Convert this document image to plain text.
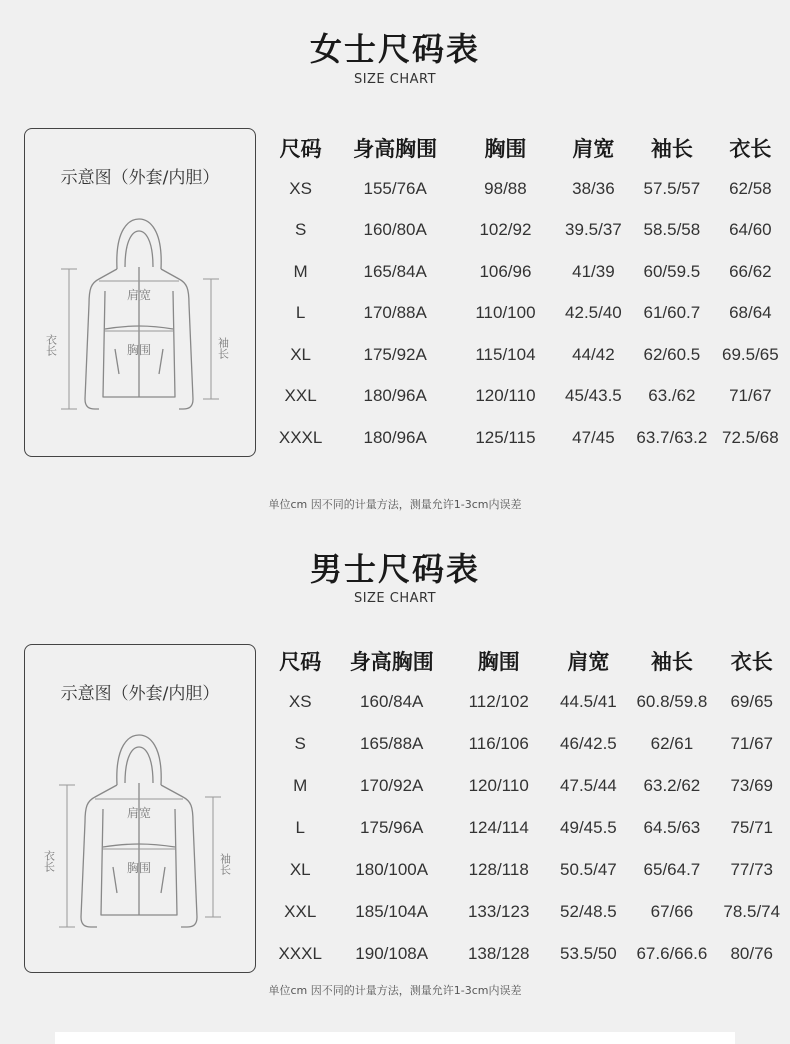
女士尺码表
SIZE CHART
示意图（外套/内胆）
肩宽
胸围
衣长	袖长
尺码	身高胸围	胸围	肩宽	袖长	衣长
XS	155/76A	98/88	38/36	57.5/57	62/58
S	160/80A	102/92	39.5/37	58.5/58	64/60
M	165/84A	106/96	41/39	60/59.5	66/62
L	170/88A	110/100	42.5/40	61/60.7	68/64
XL	175/92A	115/104	44/42	62/60.5	69.5/65
XXL	180/96A	120/110	45/43.5	63./62	71/67
XXXL	180/96A	125/115	47/45	63.7/63.2	72.5/68
单位cm 因不同的计量方法，测量允许1-3cm内误差
男士尺码表
SIZE CHART
示意图（外套/内胆）
肩宽
胸围
衣长	袖长
尺码	身高胸围	胸围	肩宽	袖长	衣长
XS	160/84A	112/102	44.5/41	60.8/59.8	69/65
S	165/88A	116/106	46/42.5	62/61	71/67
M	170/92A	120/110	47.5/44	63.2/62	73/69
L	175/96A	124/114	49/45.5	64.5/63	75/71
XL	180/100A	128/118	50.5/47	65/64.7	77/73
XXL	185/104A	133/123	52/48.5	67/66	78.5/74
XXXL	190/108A	138/128	53.5/50	67.6/66.6	80/76
单位cm 因不同的计量方法，测量允许1-3cm内误差
